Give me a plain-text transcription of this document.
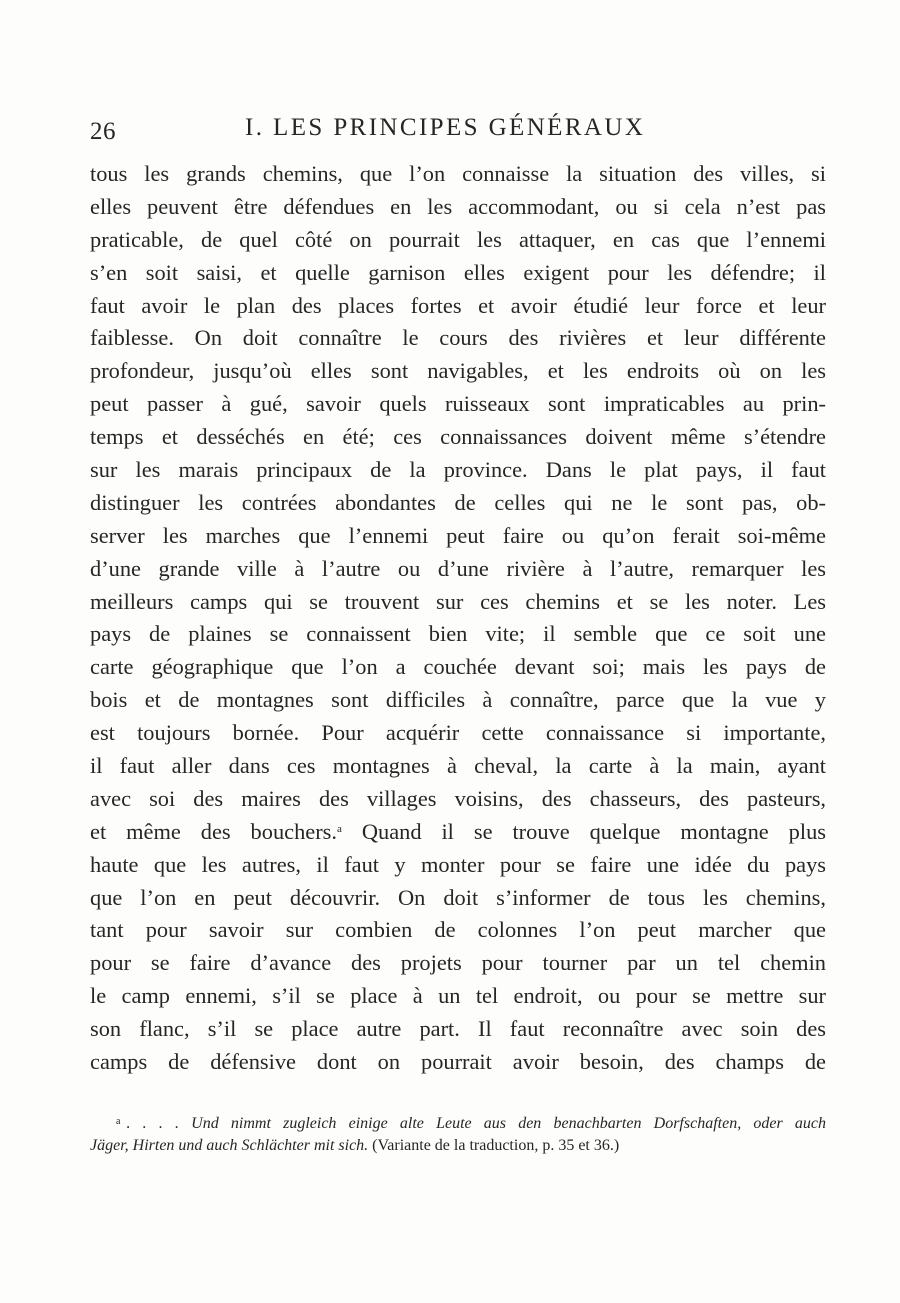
26	I. LES PRINCIPES GÉNÉRAUX
tous les grands chemins, que l’on connaisse la situation des villes, si
elles peuvent être défendues en les accommodant, ou si cela n’est pas
praticable, de quel côté on pourrait les attaquer, en cas que l’ennemi
s’en soit saisi, et quelle garnison elles exigent pour les défendre; il
faut avoir le plan des places fortes et avoir étudié leur force et leur
faiblesse. On doit connaître le cours des rivières et leur différente
profondeur, jusqu’où elles sont navigables, et les endroits où on les
peut passer à gué, savoir quels ruisseaux sont impraticables au prin-
temps et desséchés en été; ces connaissances doivent même s’étendre
sur les marais principaux de la province. Dans le plat pays, il faut
distinguer les contrées abondantes de celles qui ne le sont pas, ob-
server les marches que l’ennemi peut faire ou qu’on ferait soi-même
d’une grande ville à l’autre ou d’une rivière à l’autre, remarquer les
meilleurs camps qui se trouvent sur ces chemins et se les noter. Les
pays de plaines se connaissent bien vite; il semble que ce soit une
carte géographique que l’on a couchée devant soi; mais les pays de
bois et de montagnes sont difficiles à connaître, parce que la vue y
est toujours bornée. Pour acquérir cette connaissance si importante,
il faut aller dans ces montagnes à cheval, la carte à la main, ayant
avec soi des maires des villages voisins, des chasseurs, des pasteurs,
et même des bouchers.$^a$ Quand il se trouve quelque montagne plus
haute que les autres, il faut y monter pour se faire une idée du pays
que l’on en peut découvrir. On doit s’informer de tous les chemins,
tant pour savoir sur combien de colonnes l’on peut marcher que
pour se faire d’avance des projets pour tourner par un tel chemin
le camp ennemi, s’il se place à un tel endroit, ou pour se mettre sur
son flanc, s’il se place autre part. Il faut reconnaître avec soin des
camps de défensive dont on pourrait avoir besoin, des champs de
$^a$ . . . . Und nimmt zugleich einige alte Leute aus den benachbarten Dorfschaften, oder auch
Jäger, Hirten und auch Schlächter mit sich. (Variante de la traduction, p. 35 et 36.)
